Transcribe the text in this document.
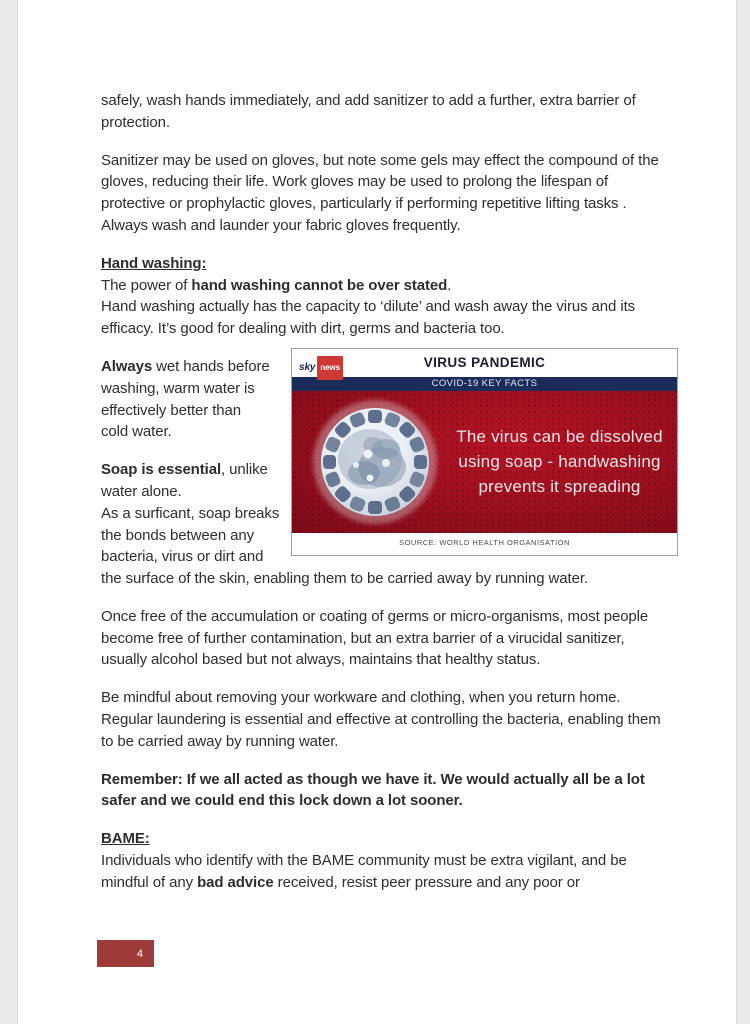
safely, wash hands immediately, and add sanitizer to add a further, extra barrier of protection.

Sanitizer may be used on gloves, but note some gels may effect the compound of the gloves, reducing their life. Work gloves may be used to prolong the lifespan of protective or prophylactic gloves, particularly if performing repetitive lifting tasks . Always wash and launder your fabric gloves frequently.

Hand washing:

The power of hand washing cannot be over stated.

Hand washing actually has the capacity to ‘dilute’ and wash away the virus and its efficacy. It’s good for dealing with dirt, germs and bacteria too.

Always wet hands before
washing, warm water is
effectively better than
cold water.
Soap is essential, unlike
water alone.
As a surficant, soap breaks
the bonds between any
bacteria, virus or dirt and
sky news	VIRUS PANDEMIC
COVID-19 KEY FACTS
The virus can be dissolved
using soap - handwashing
prevents it spreading
SOURCE: WORLD HEALTH ORGANISATION

the surface of the skin, enabling them to be carried away by running water.

Once free of the accumulation or coating of germs or micro-organisms, most people become free of further contamination, but an extra barrier of a virucidal sanitizer, usually alcohol based but not always, maintains that healthy status.

Be mindful about removing your workware and clothing, when you return home. Regular laundering is essential and effective at controlling the bacteria, enabling them to be carried away by running water.

Remember: If we all acted as though we have it. We would actually all be a lot safer and we could end this lock down a lot sooner.

BAME:

Individuals who identify with the BAME community must be extra vigilant, and be mindful of any bad advice received, resist peer pressure and any poor or

4
